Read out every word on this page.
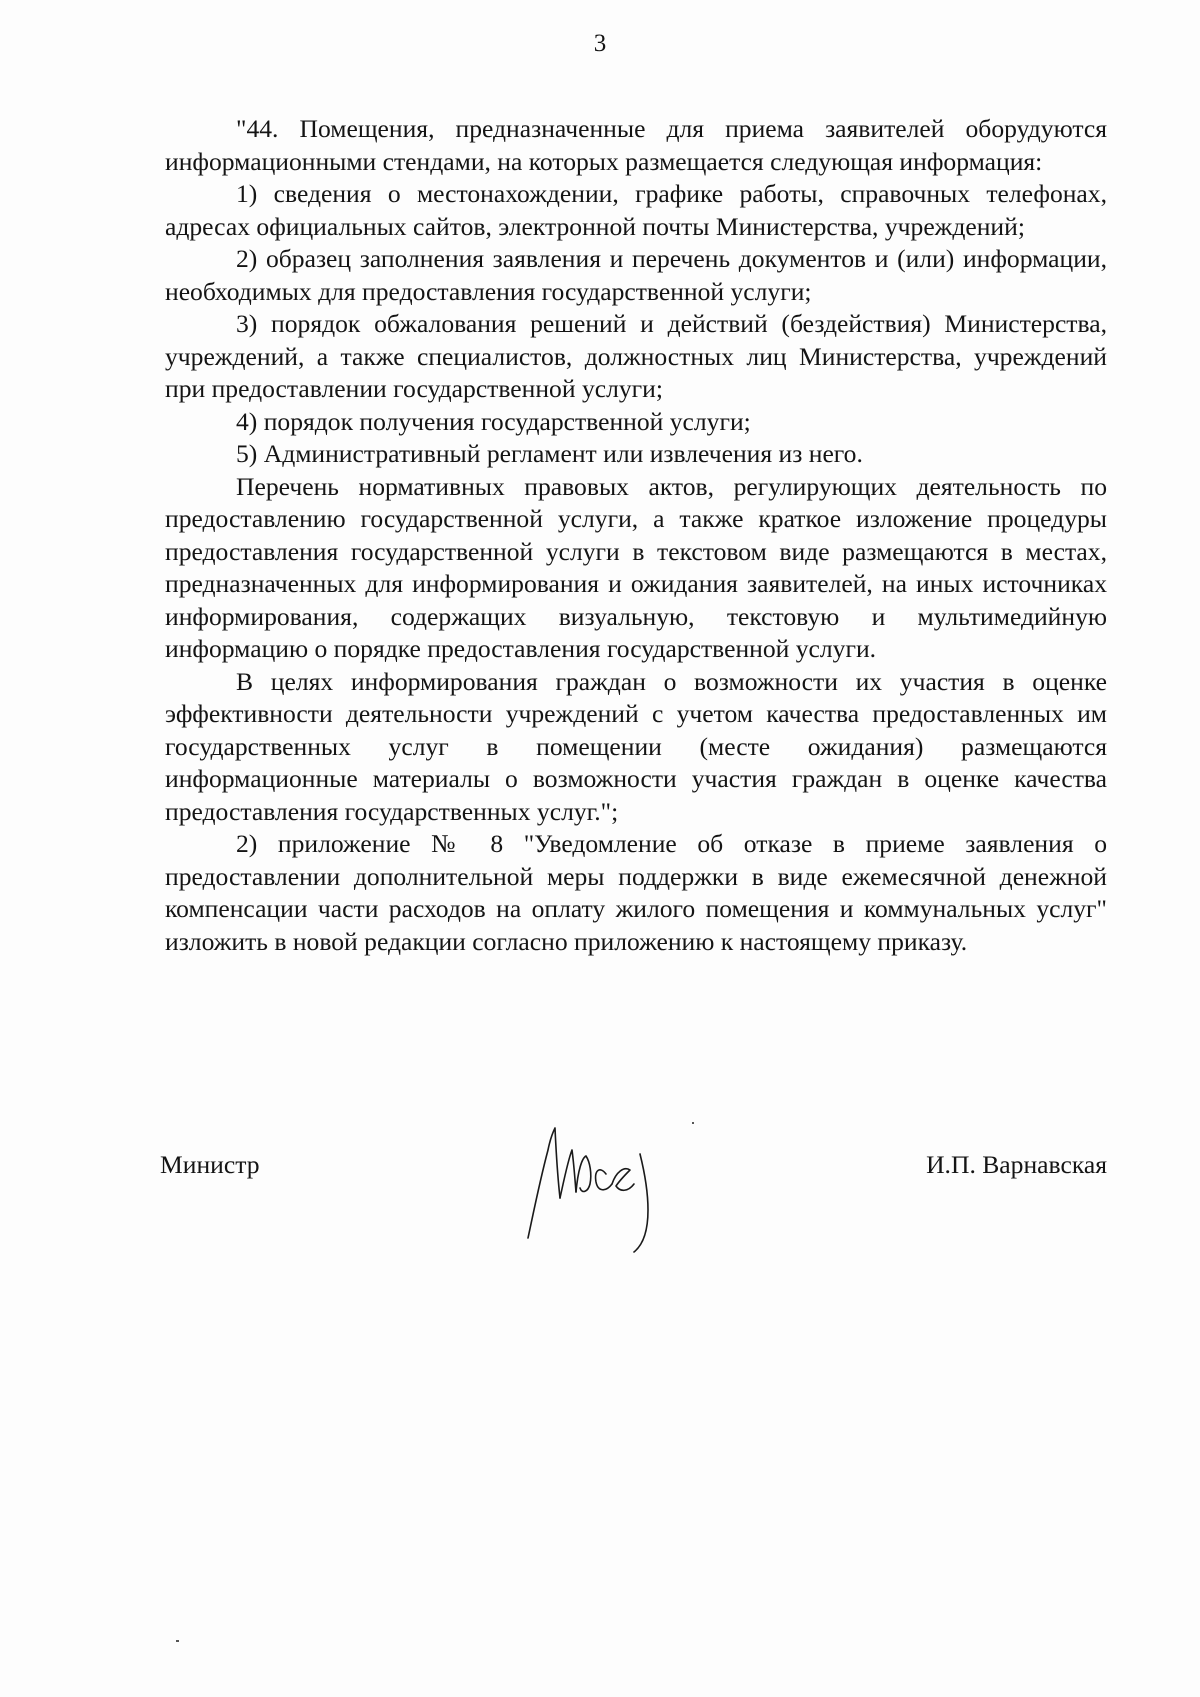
3

"44. Помещения, предназначенные для приема заявителей оборудуются информационными стендами, на которых размещается следующая информация:

1) сведения о местонахождении, графике работы, справочных телефонах, адресах официальных сайтов, электронной почты Министерства, учреждений;

2) образец заполнения заявления и перечень документов и (или) информации, необходимых для предоставления государственной услуги;

3) порядок обжалования решений и действий (бездействия) Министерства, учреждений, а также специалистов, должностных лиц Министерства, учреждений при предоставлении государственной услуги;

4) порядок получения государственной услуги;

5) Административный регламент или извлечения из него.

Перечень нормативных правовых актов, регулирующих деятельность по предоставлению государственной услуги, а также краткое изложение процедуры предоставления государственной услуги в текстовом виде размещаются в местах, предназначенных для информирования и ожидания заявителей, на иных источниках информирования, содержащих визуальную, текстовую и мультимедийную информацию о порядке предоставления государственной услуги.

В целях информирования граждан о возможности их участия в оценке эффективности деятельности учреждений с учетом качества предоставленных им государственных услуг в помещении (месте ожидания) размещаются информационные материалы о возможности участия граждан в оценке качества предоставления государственных услуг.";

2) приложение № 8 "Уведомление об отказе в приеме заявления о предоставлении дополнительной меры поддержки в виде ежемесячной денежной компенсации части расходов на оплату жилого помещения и коммунальных услуг" изложить в новой редакции согласно приложению к настоящему приказу.

Министр	И.П. Варнавская
